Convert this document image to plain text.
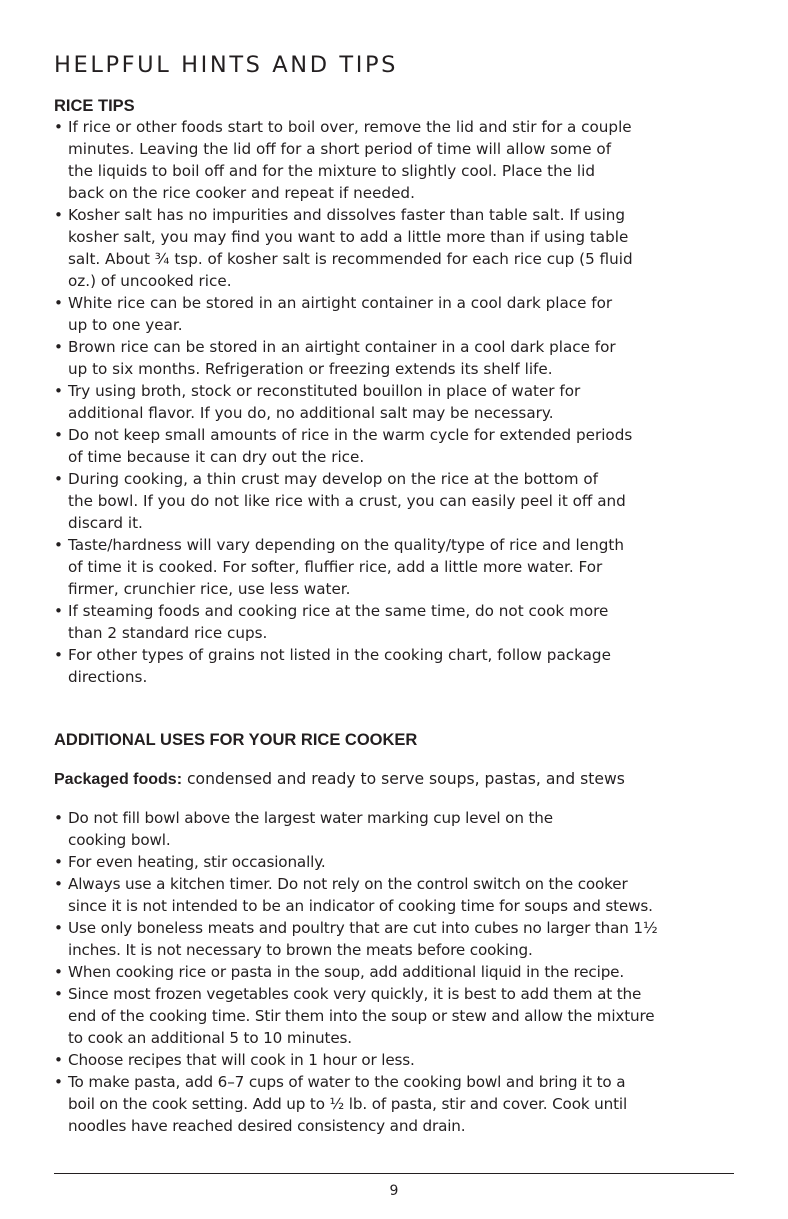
HELPFUL HINTS AND TIPS
RICE TIPS
• If rice or other foods start to boil over, remove the lid and stir for a couple
minutes. Leaving the lid off for a short period of time will allow some of
the liquids to boil off and for the mixture to slightly cool. Place the lid
back on the rice cooker and repeat if needed.
• Kosher salt has no impurities and dissolves faster than table salt. If using
kosher salt, you may find you want to add a little more than if using table
salt. About ¾ tsp. of kosher salt is recommended for each rice cup (5 fluid
oz.) of uncooked rice.
• White rice can be stored in an airtight container in a cool dark place for
up to one year.
• Brown rice can be stored in an airtight container in a cool dark place for
up to six months. Refrigeration or freezing extends its shelf life.
• Try using broth, stock or reconstituted bouillon in place of water for
additional flavor. If you do, no additional salt may be necessary.
• Do not keep small amounts of rice in the warm cycle for extended periods
of time because it can dry out the rice.
• During cooking, a thin crust may develop on the rice at the bottom of
the bowl. If you do not like rice with a crust, you can easily peel it off and
discard it.
• Taste/hardness will vary depending on the quality/type of rice and length
of time it is cooked. For softer, fluffier rice, add a little more water. For
firmer, crunchier rice, use less water.
• If steaming foods and cooking rice at the same time, do not cook more
than 2 standard rice cups.
• For other types of grains not listed in the cooking chart, follow package
directions.
ADDITIONAL USES FOR YOUR RICE COOKER

Packaged foods: condensed and ready to serve soups, pastas, and stews

• Do not fill bowl above the largest water marking cup level on the
cooking bowl.
• For even heating, stir occasionally.
• Always use a kitchen timer. Do not rely on the control switch on the cooker
since it is not intended to be an indicator of cooking time for soups and stews.
• Use only boneless meats and poultry that are cut into cubes no larger than 1½
inches. It is not necessary to brown the meats before cooking.
• When cooking rice or pasta in the soup, add additional liquid in the recipe.
• Since most frozen vegetables cook very quickly, it is best to add them at the
end of the cooking time. Stir them into the soup or stew and allow the mixture
to cook an additional 5 to 10 minutes.
• Choose recipes that will cook in 1 hour or less.
• To make pasta, add 6–7 cups of water to the cooking bowl and bring it to a
boil on the cook setting. Add up to ½ lb. of pasta, stir and cover. Cook until
noodles have reached desired consistency and drain.
9
